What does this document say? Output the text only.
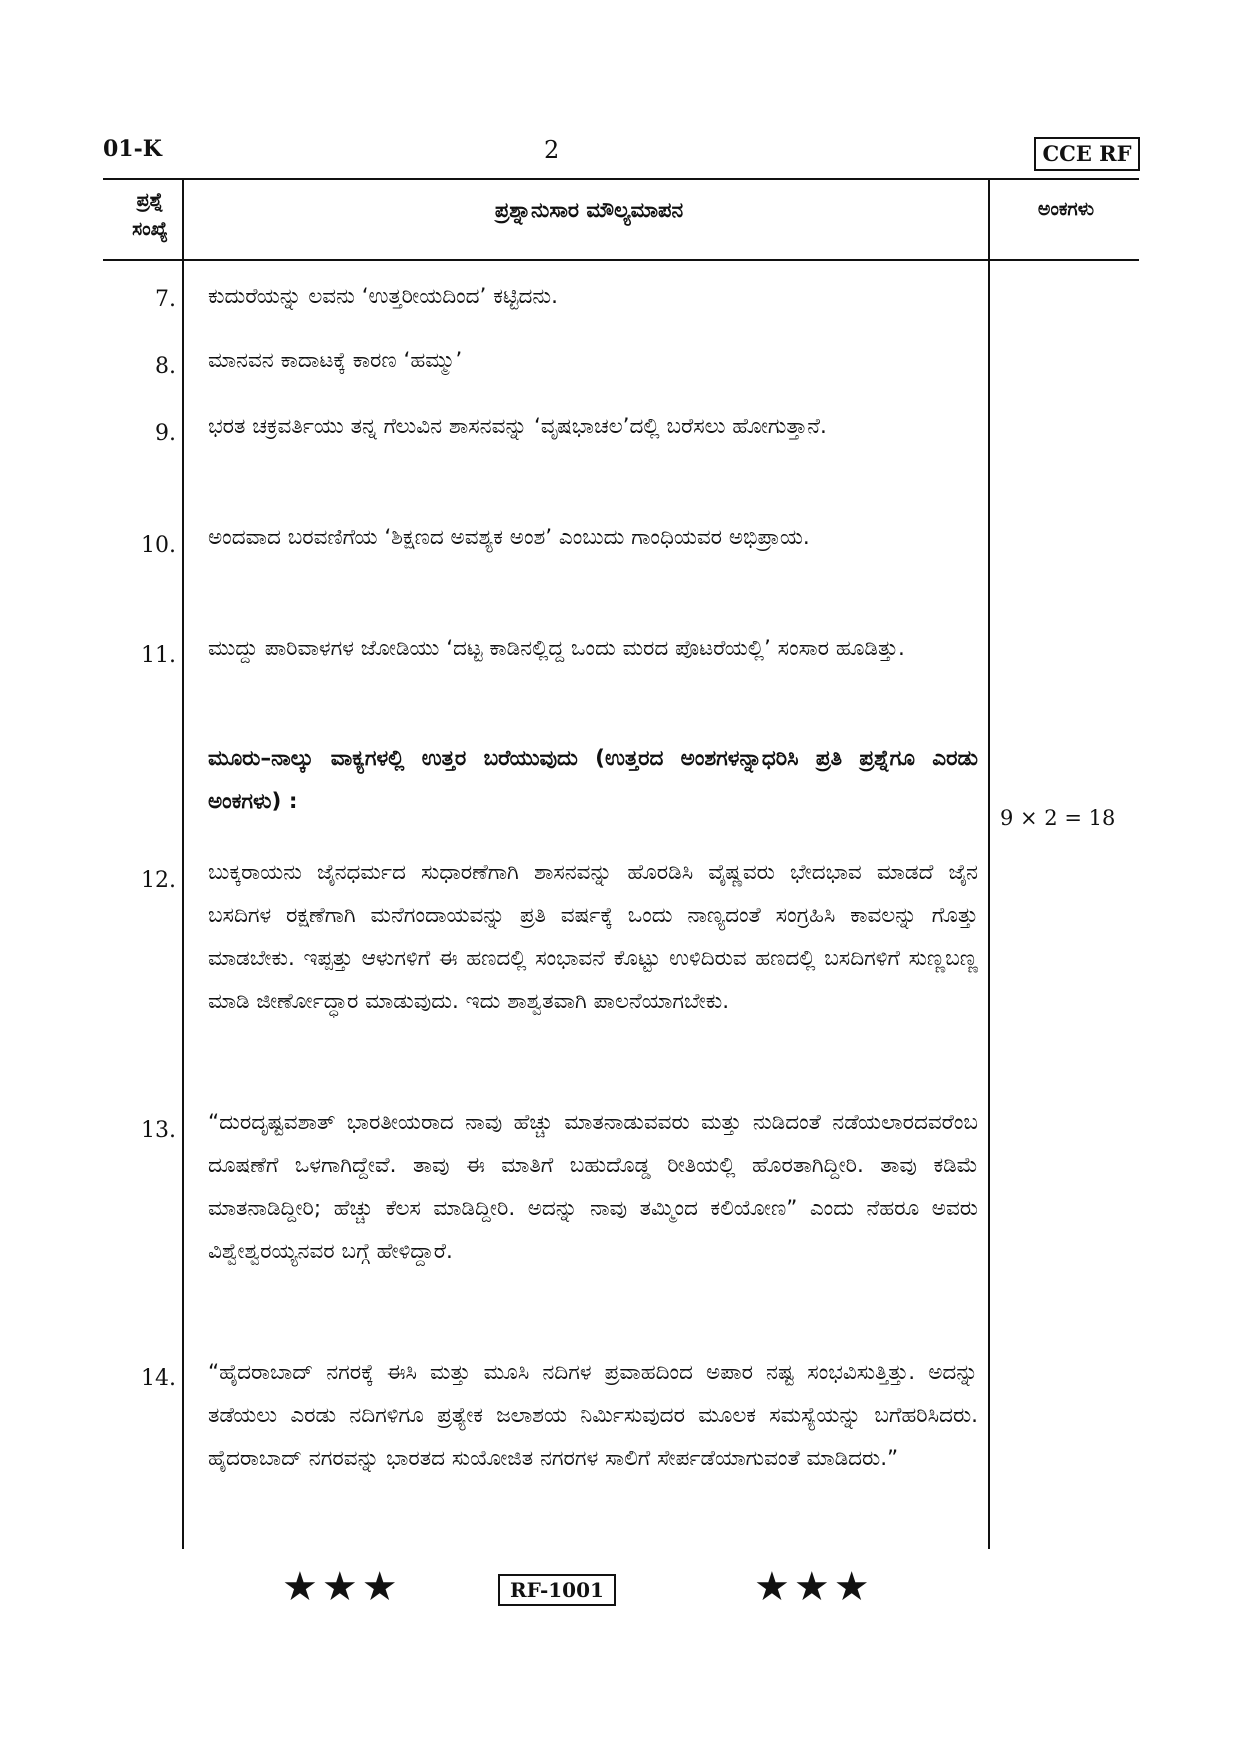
01-K	2	CCE RF
ಪ್ರಶ್ನೆ
ಸಂಖ್ಯೆ
ಪ್ರಶ್ನಾನುಸಾರ ಮೌಲ್ಯಮಾಪನ	ಅಂಕಗಳು
7. ಕುದುರೆಯನ್ನು ಲವನು ‘ಉತ್ತರೀಯದಿಂದ’ ಕಟ್ಟಿದನು.
8. ಮಾನವನ ಕಾದಾಟಕ್ಕೆ ಕಾರಣ ‘ಹಮ್ಮು’
9. ಭರತ ಚಕ್ರವರ್ತಿಯು ತನ್ನ ಗೆಲುವಿನ ಶಾಸನವನ್ನು ‘ವೃಷಭಾಚಲ’ದಲ್ಲಿ ಬರೆಸಲು ಹೋಗುತ್ತಾನೆ.
10. ಅಂದವಾದ ಬರವಣಿಗೆಯ ‘ಶಿಕ್ಷಣದ ಅವಶ್ಯಕ ಅಂಶ’ ಎಂಬುದು ಗಾಂಧಿಯವರ ಅಭಿಪ್ರಾಯ.
11. ಮುದ್ದು ಪಾರಿವಾಳಗಳ ಜೋಡಿಯು ‘ದಟ್ಟ ಕಾಡಿನಲ್ಲಿದ್ದ ಒಂದು ಮರದ ಪೊಟರೆಯಲ್ಲಿ’ ಸಂಸಾರ ಹೂಡಿತ್ತು.
ಮೂರು–ನಾಲ್ಕು ವಾಕ್ಯಗಳಲ್ಲಿ ಉತ್ತರ ಬರೆಯುವುದು (ಉತ್ತರದ ಅಂಶಗಳನ್ನಾಧರಿಸಿ ಪ್ರತಿ ಪ್ರಶ್ನೆಗೂ ಎರಡು ಅಂಕಗಳು) :
9 × 2 = 18
12. ಬುಕ್ಕರಾಯನು ಜೈನಧರ್ಮದ ಸುಧಾರಣೆಗಾಗಿ ಶಾಸನವನ್ನು ಹೊರಡಿಸಿ ವೈಷ್ಣವರು ಭೇದಭಾವ ಮಾಡದೆ ಜೈನ ಬಸದಿಗಳ ರಕ್ಷಣೆಗಾಗಿ ಮನೆಗಂದಾಯವನ್ನು ಪ್ರತಿ ವರ್ಷಕ್ಕೆ ಒಂದು ನಾಣ್ಯದಂತೆ ಸಂಗ್ರಹಿಸಿ ಕಾವಲನ್ನು ಗೊತ್ತು ಮಾಡಬೇಕು. ಇಪ್ಪತ್ತು ಆಳುಗಳಿಗೆ ಈ ಹಣದಲ್ಲಿ ಸಂಭಾವನೆ ಕೊಟ್ಟು ಉಳಿದಿರುವ ಹಣದಲ್ಲಿ ಬಸದಿಗಳಿಗೆ ಸುಣ್ಣಬಣ್ಣ ಮಾಡಿ ಜೀರ್ಣೋದ್ಧಾರ ಮಾಡುವುದು. ಇದು ಶಾಶ್ವತವಾಗಿ ಪಾಲನೆಯಾಗಬೇಕು.
13. “ದುರದೃಷ್ಟವಶಾತ್ ಭಾರತೀಯರಾದ ನಾವು ಹೆಚ್ಚು ಮಾತನಾಡುವವರು ಮತ್ತು ನುಡಿದಂತೆ ನಡೆಯಲಾರದವರೆಂಬ ದೂಷಣೆಗೆ ಒಳಗಾಗಿದ್ದೇವೆ. ತಾವು ಈ ಮಾತಿಗೆ ಬಹುದೊಡ್ಡ ರೀತಿಯಲ್ಲಿ ಹೊರತಾಗಿದ್ದೀರಿ. ತಾವು ಕಡಿಮೆ ಮಾತನಾಡಿದ್ದೀರಿ; ಹೆಚ್ಚು ಕೆಲಸ ಮಾಡಿದ್ದೀರಿ. ಅದನ್ನು ನಾವು ತಮ್ಮಿಂದ ಕಲಿಯೋಣ” ಎಂದು ನೆಹರೂ ಅವರು ವಿಶ್ವೇಶ್ವರಯ್ಯನವರ ಬಗ್ಗೆ ಹೇಳಿದ್ದಾರೆ.
14. “ಹೈದರಾಬಾದ್ ನಗರಕ್ಕೆ ಈಸಿ ಮತ್ತು ಮೂಸಿ ನದಿಗಳ ಪ್ರವಾಹದಿಂದ ಅಪಾರ ನಷ್ಟ ಸಂಭವಿಸುತ್ತಿತ್ತು. ಅದನ್ನು ತಡೆಯಲು ಎರಡು ನದಿಗಳಿಗೂ ಪ್ರತ್ಯೇಕ ಜಲಾಶಯ ನಿರ್ಮಿಸುವುದರ ಮೂಲಕ ಸಮಸ್ಯೆಯನ್ನು ಬಗೆಹರಿಸಿದರು. ಹೈದರಾಬಾದ್ ನಗರವನ್ನು ಭಾರತದ ಸುಯೋಜಿತ ನಗರಗಳ ಸಾಲಿಗೆ ಸೇರ್ಪಡೆಯಾಗುವಂತೆ ಮಾಡಿದರು.”
★★★	RF-1001	★★★
